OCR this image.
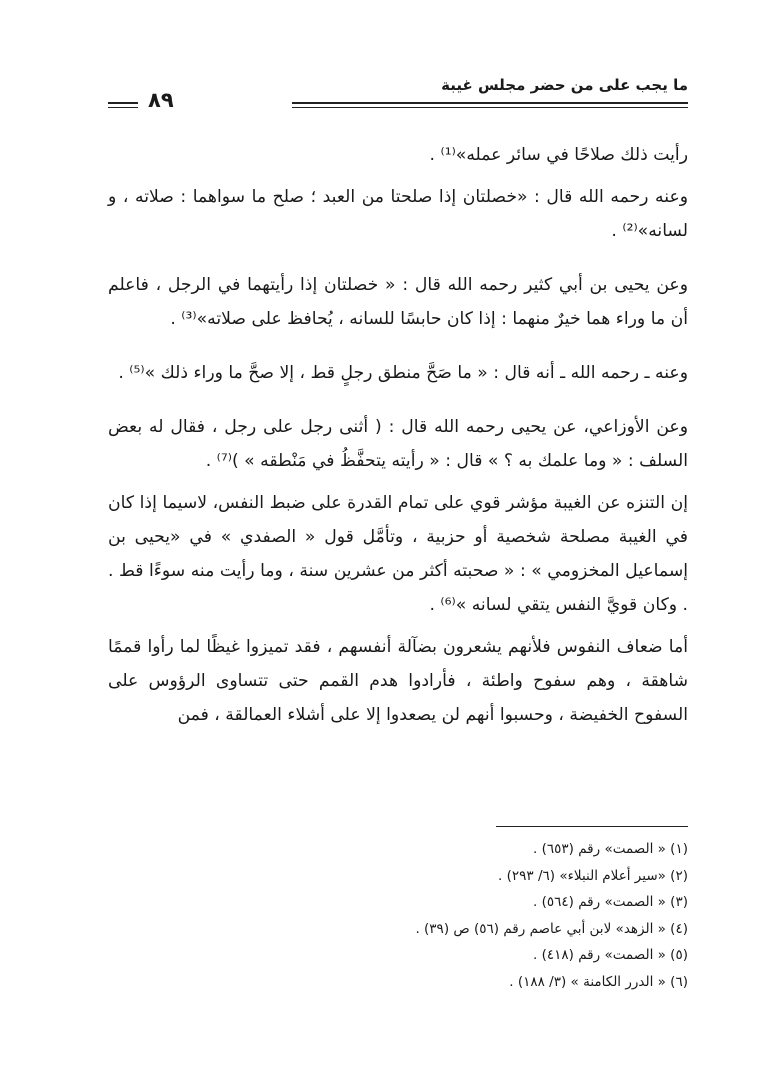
ما يجب على من حضر مجلس غيبة
٨٩

رأيت ذلك صلاحًا في سائر عمله»⁽¹⁾ .

وعنه رحمه الله قال : «خصلتان إذا صلحتا من العبد ؛ صلح ما سواهما : صلاته ، و لسانه»⁽²⁾ .

وعن يحيى بن أبي كثير رحمه الله قال : « خصلتان إذا رأيتهما في الرجل ، فاعلم أن ما وراء هما خيرٌ منهما : إذا كان حابسًا للسانه ، يُحافظ على صلاته»⁽³⁾ .

وعنه ـ رحمه الله ـ أنه قال : « ما صَحَّ منطق رجلٍ قط ، إلا صحَّ ما وراء ذلك »⁽⁵⁾ .

وعن الأوزاعي، عن يحيى رحمه الله قال : ( أثنى رجل على رجل ، فقال له بعض السلف : « وما علمك به ؟ » قال : « رأيته يتحفَّظُ في مَنْطقه » )⁽⁷⁾ .

إن التنزه عن الغيبة مؤشر قوي على تمام القدرة على ضبط النفس، لاسيما إذا كان في الغيبة مصلحة شخصية أو حزبية ، وتأمَّل قول « الصفدي » في «يحيى بن إسماعيل المخزومي » : « صحبته أكثر من عشرين سنة ، وما رأيت منه سوءًا قط . . وكان قويَّ النفس يتقي لسانه »⁽⁶⁾ .

أما ضعاف النفوس فلأنهم يشعرون بضآلة أنفسهم ، فقد تميزوا غيظًا لما رأوا قممًا شاهقة ، وهم سفوح واطئة ، فأرادوا هدم القمم حتى تتساوى الرؤوس على السفوح الخفيضة ، وحسبوا أنهم لن يصعدوا إلا على أشلاء العمالقة ، فمن

(١) « الصمت» رقم (٦٥٣) .
(٢) «سير أعلام النبلاء» (٦/ ٢٩٣) .
(٣) « الصمت» رقم (٥٦٤) .
(٤) « الزهد» لابن أبي عاصم رقم (٥٦) ص (٣٩) .
(٥) « الصمت» رقم (٤١٨) .
(٦) « الدرر الكامنة » (٣/ ١٨٨) .
